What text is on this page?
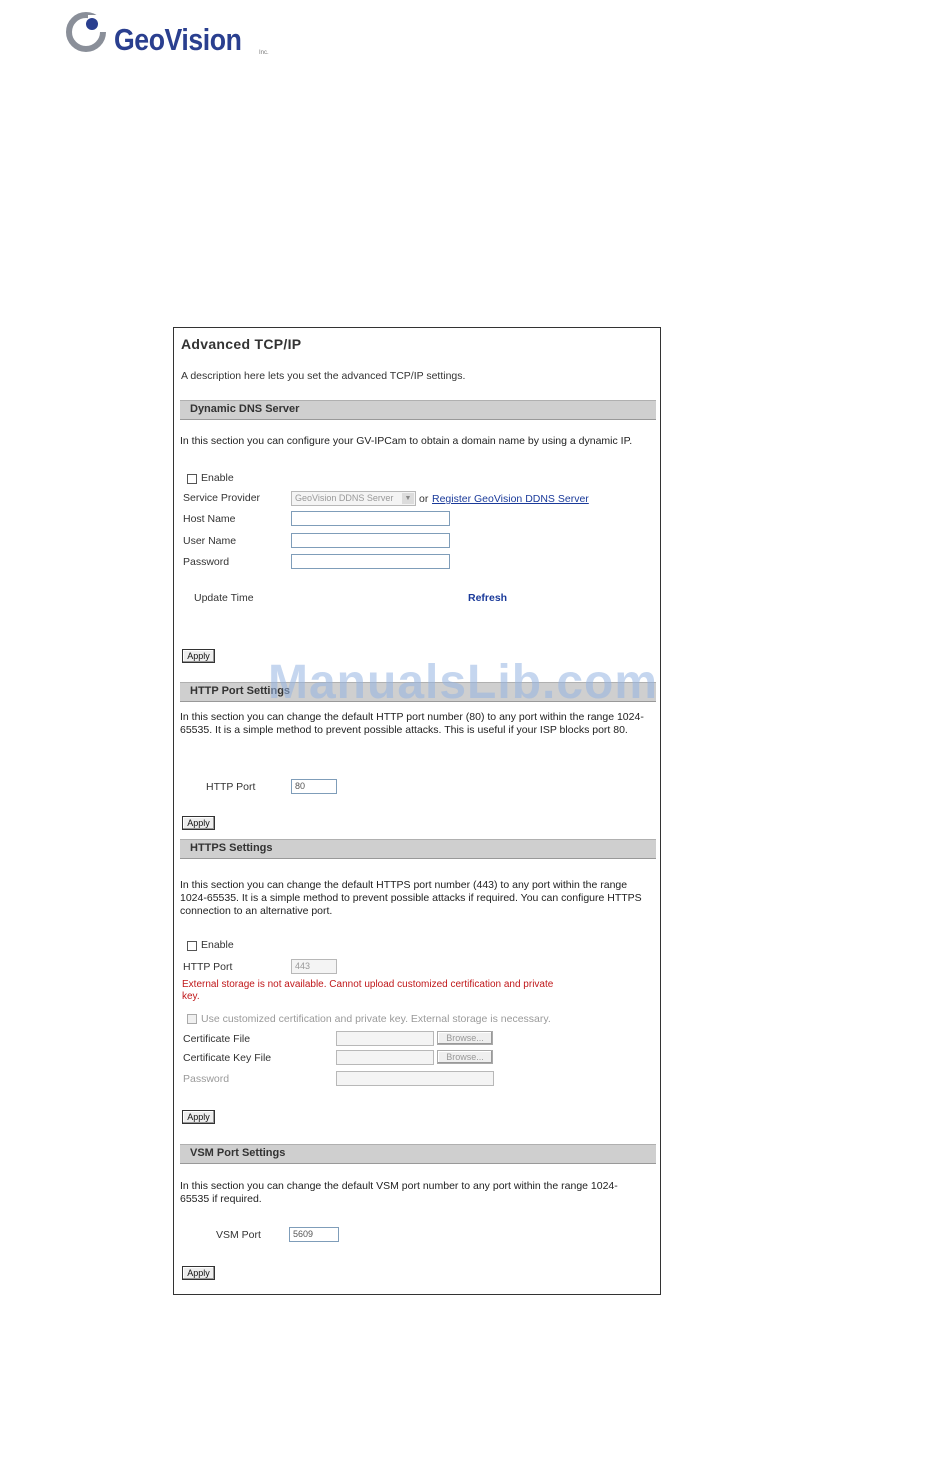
GeoVision	Inc.
Advanced TCP/IP
A description here lets you set the advanced TCP/IP settings.
Dynamic DNS Server
In this section you can configure your GV-IPCam to obtain a domain name by using a dynamic IP.
Enable
Service Provider	GeoVision DDNS Server	▼ or Register GeoVision DDNS Server
Host Name
User Name
Password
Update Time	Refresh
Apply
HTTP Port Settings
In this section you can change the default HTTP port number (80) to any port within the range 1024-65535. It is a simple method to prevent possible attacks. This is useful if your ISP blocks port 80.
HTTP Port	80
Apply
HTTPS Settings
In this section you can change the default HTTPS port number (443) to any port within the range 1024-65535. It is a simple method to prevent possible attacks if required. You can configure HTTPS connection to an alternative port.
Enable
HTTP Port	443
External storage is not available. Cannot upload customized certification and private key.
Use customized certification and private key. External storage is necessary.
Certificate File	Browse...
Certificate Key File	Browse...
Password
Apply
VSM Port Settings
In this section you can change the default VSM port number to any port within the range 1024-65535 if required.
VSM Port	5609
Apply
ManualsLib.com
